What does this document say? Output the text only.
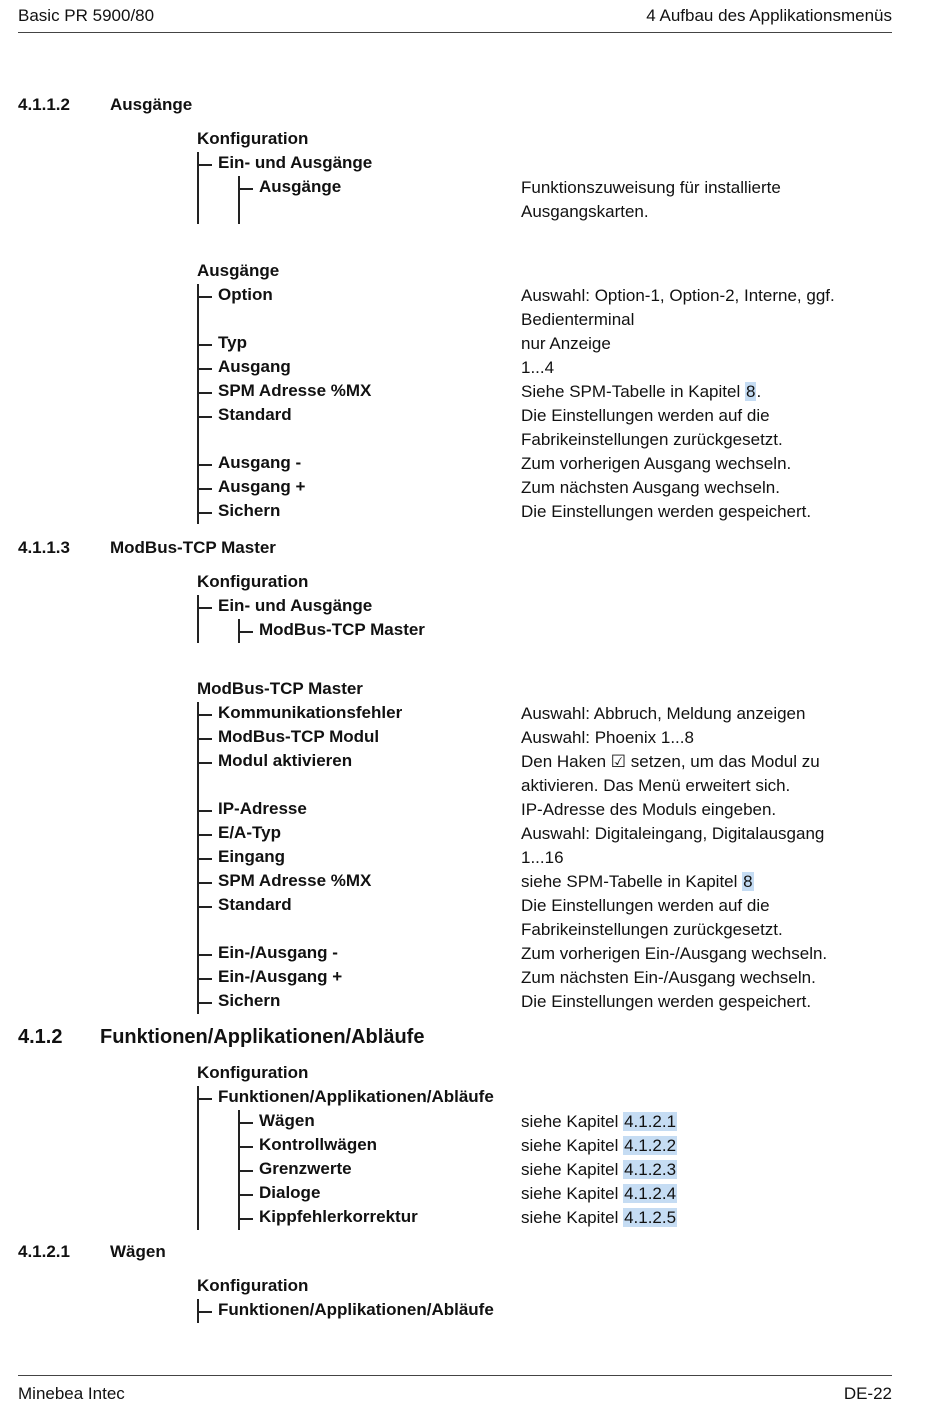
Basic PR 5900/80	4 Aufbau des Applikationsmenüs
Minebea Intec	DE-22
4.1.1.2 Ausgänge
Konfiguration
Ein- und Ausgänge
Ausgänge	Funktionszuweisung für installierte
Ausgangskarten.
Ausgänge
Option	Auswahl: Option-1, Option-2, Interne, ggf.
Bedienterminal
Typ	nur Anzeige
Ausgang	1...4
SPM Adresse %MX	Siehe SPM-Tabelle in Kapitel 8.
Standard	Die Einstellungen werden auf die
Fabrikeinstellungen zurückgesetzt.
Ausgang -	Zum vorherigen Ausgang wechseln.
Ausgang +	Zum nächsten Ausgang wechseln.
Sichern	Die Einstellungen werden gespeichert.
4.1.1.3 ModBus-TCP Master
Konfiguration
Ein- und Ausgänge
ModBus-TCP Master
ModBus-TCP Master
Kommunikationsfehler	Auswahl: Abbruch, Meldung anzeigen
ModBus-TCP Modul	Auswahl: Phoenix 1...8
Modul aktivieren	Den Haken ☑ setzen, um das Modul zu
aktivieren. Das Menü erweitert sich.
IP-Adresse	IP-Adresse des Moduls eingeben.
E/A-Typ	Auswahl: Digitaleingang, Digitalausgang
Eingang	1...16
SPM Adresse %MX	siehe SPM-Tabelle in Kapitel 8
Standard	Die Einstellungen werden auf die
Fabrikeinstellungen zurückgesetzt.
Ein-/Ausgang -	Zum vorherigen Ein-/Ausgang wechseln.
Ein-/Ausgang +	Zum nächsten Ein-/Ausgang wechseln.
Sichern	Die Einstellungen werden gespeichert.
4.1.2 Funktionen/Applikationen/Abläufe
Konfiguration
Funktionen/Applikationen/Abläufe
Wägen	siehe Kapitel 4.1.2.1
Kontrollwägen	siehe Kapitel 4.1.2.2
Grenzwerte	siehe Kapitel 4.1.2.3
Dialoge	siehe Kapitel 4.1.2.4
Kippfehlerkorrektur	siehe Kapitel 4.1.2.5
4.1.2.1 Wägen
Konfiguration
Funktionen/Applikationen/Abläufe
